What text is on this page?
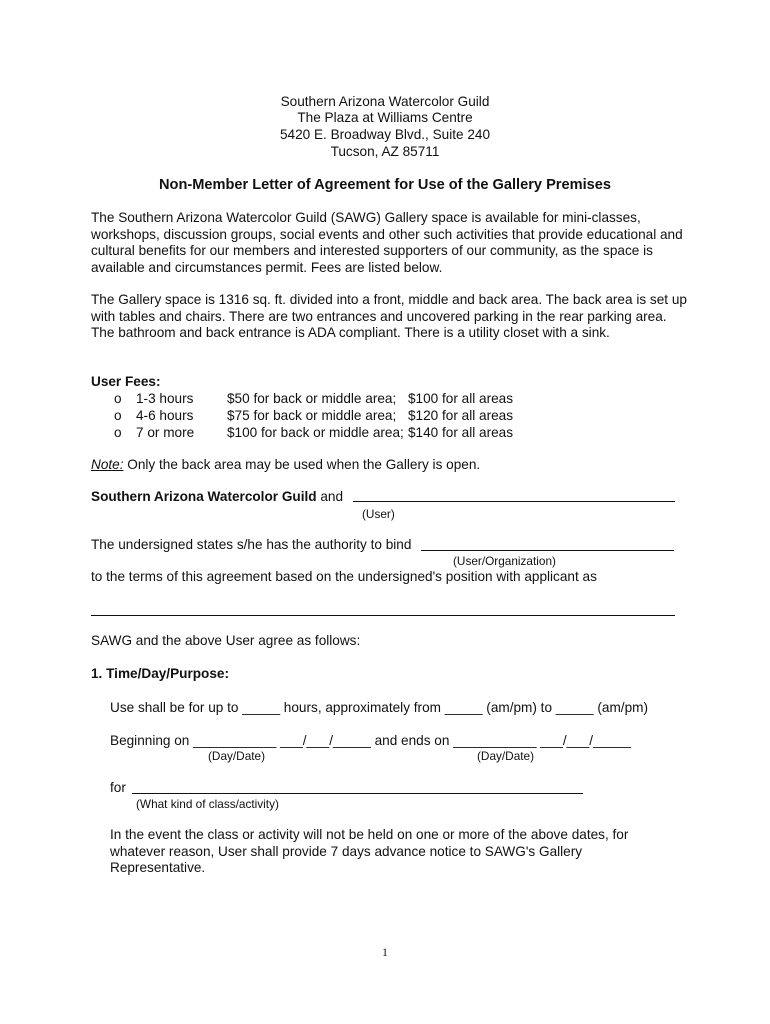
Southern Arizona Watercolor Guild
The Plaza at Williams Centre
5420 E. Broadway Blvd., Suite 240
Tucson, AZ 85711
Non-Member Letter of Agreement for Use of the Gallery Premises
The Southern Arizona Watercolor Guild (SAWG) Gallery space is available for mini-classes, workshops, discussion groups, social events and other such activities that provide educational and cultural benefits for our members and interested supporters of our community, as the space is available and circumstances permit. Fees are listed below.
The Gallery space is 1316 sq. ft. divided into a front, middle and back area. The back area is set up with tables and chairs. There are two entrances and uncovered parking in the rear parking area. The bathroom and back entrance is ADA compliant. There is a utility closet with a sink.
User Fees:
o 1-3 hours $50 for back or middle area; $100 for all areas
o 4-6 hours $75 for back or middle area; $120 for all areas
o 7 or more $100 for back or middle area; $140 for all areas
Note: Only the back area may be used when the Gallery is open.
Southern Arizona Watercolor Guild and
(User)
The undersigned states s/he has the authority to bind
(User/Organization)
to the terms of this agreement based on the undersigned's position with applicant as
SAWG and the above User agree as follows:
1. Time/Day/Purpose:
Use shall be for up to _____ hours, approximately from _____ (am/pm) to _____ (am/pm)
Beginning on ___________ ___/___/_____ and ends on ___________ ___/___/_____
(Day/Date)	(Day/Date)
for
(What kind of class/activity)
In the event the class or activity will not be held on one or more of the above dates, for whatever reason, User shall provide 7 days advance notice to SAWG's Gallery Representative.
1
